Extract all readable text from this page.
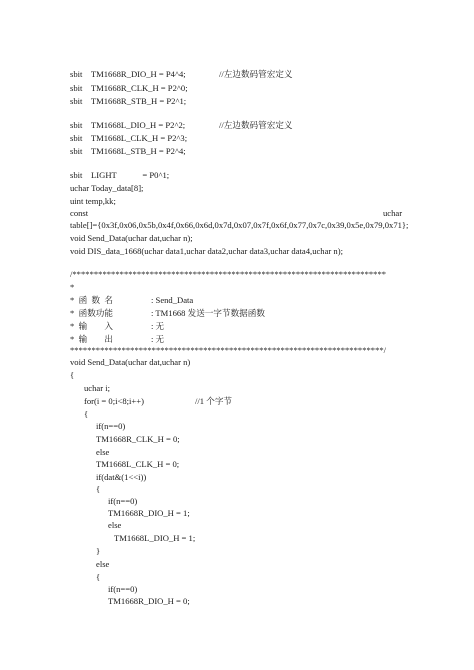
sbit    TM1668R_DIO_H = P4^4;	//左边数码管宏定义
sbit    TM1668R_CLK_H = P2^0;
sbit    TM1668R_STB_H = P2^1;
sbit    TM1668L_DIO_H = P2^2;	//左边数码管宏定义
sbit    TM1668L_CLK_H = P2^3;
sbit    TM1668L_STB_H = P2^4;
sbit    LIGHT            = P0^1;
uchar Today_data[8];
uint temp,kk;
const	uchar
table[]={0x3f,0x06,0x5b,0x4f,0x66,0x6d,0x7d,0x07,0x7f,0x6f,0x77,0x7c,0x39,0x5e,0x79,0x71};
void Send_Data(uchar dat,uchar n);
void DIS_data_1668(uchar data1,uchar data2,uchar data3,uchar data4,uchar n);
/*************************************************************************
*
*  函  数  名	: Send_Data
*  函数功能	: TM1668 发送一字节数据函数
*  输        入	: 无
*  输        出	: 无
*************************************************************************/
void Send_Data(uchar dat,uchar n)
{
uchar i;
for(i = 0;i<8;i++)	//1 个字节
{
if(n==0)
TM1668R_CLK_H = 0;
else
TM1668L_CLK_H = 0;
if(dat&(1<<i))
{
if(n==0)
TM1668R_DIO_H = 1;
else
TM1668L_DIO_H = 1;
}
else
{
if(n==0)
TM1668R_DIO_H = 0;
